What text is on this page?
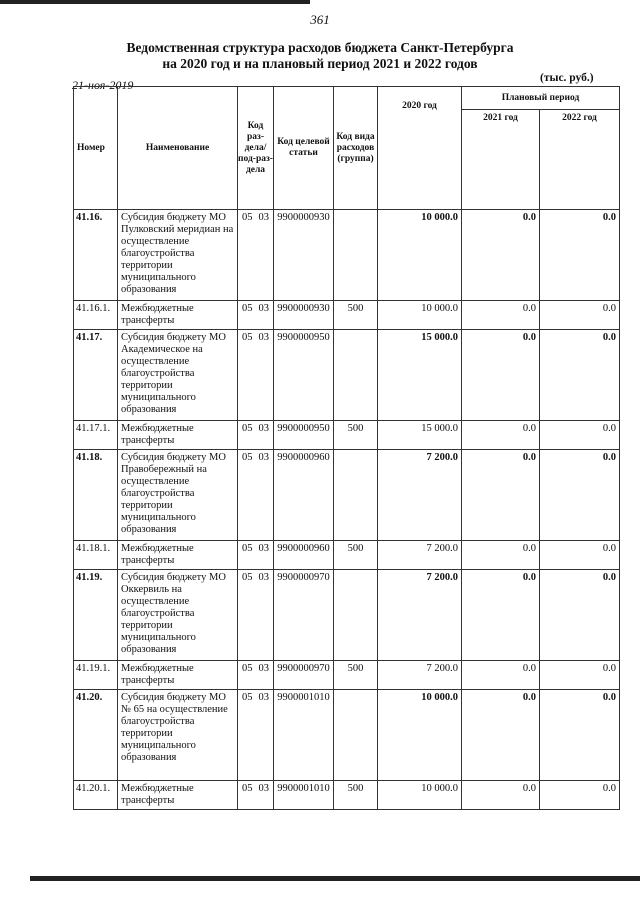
361
Ведомственная структура расходов бюджета Санкт-Петербурга
на 2020 год и на плановый период 2021 и 2022 годов
21-ноя-2019	(тыс. руб.)
Номер	Наименование	Код раз-дела/ под-раз-дела	Код целевой статьи	Код вида расходов (группа)	2020 год	Плановый период	
						2021 год	2022 год
41.16.	Субсидия бюджету МО Пулковский меридиан на осуществление благоустройства территории муниципального образования	05 03	9900000930		10 000.0	0.0	0.0
41.16.1.	Межбюджетные трансферты	05 03	9900000930	500	10 000.0	0.0	0.0
41.17.	Субсидия бюджету МО Академическое на осуществление благоустройства территории муниципального образования	05 03	9900000950		15 000.0	0.0	0.0
41.17.1.	Межбюджетные трансферты	05 03	9900000950	500	15 000.0	0.0	0.0
41.18.	Субсидия бюджету МО Правобережный на осуществление благоустройства территории муниципального образования	05 03	9900000960		7 200.0	0.0	0.0
41.18.1.	Межбюджетные трансферты	05 03	9900000960	500	7 200.0	0.0	0.0
41.19.	Субсидия бюджету МО Оккервиль на осуществление благоустройства территории муниципального образования	05 03	9900000970		7 200.0	0.0	0.0
41.19.1.	Межбюджетные трансферты	05 03	9900000970	500	7 200.0	0.0	0.0
41.20.	Субсидия бюджету МО № 65 на осуществление благоустройства территории муниципального образования	05 03	9900001010		10 000.0	0.0	0.0
41.20.1.	Межбюджетные трансферты	05 03	9900001010	500	10 000.0	0.0	0.0
